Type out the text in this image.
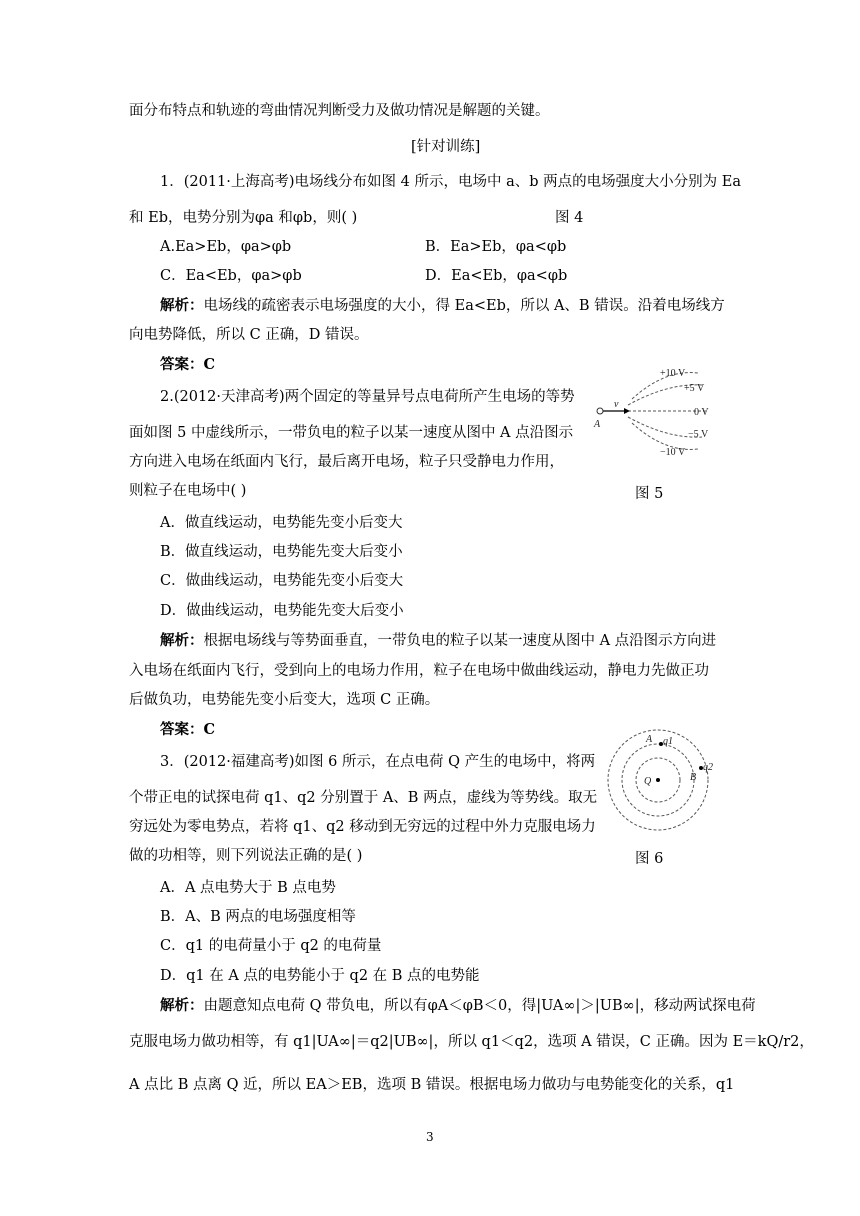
面分布特点和轨迹的弯曲情况判断受力及做功情况是解题的关键。
[针对训练]
1．(2011·上海高考)电场线分布如图 4 所示，电场中 a、b 两点的电场强度大小分别为 Ea
和 Eb，电势分别为φa 和φb，则( )	图 4
A.Ea>Eb，φa>φb	B．Ea>Eb，φa<φb
C．Ea<Eb，φa>φb	D．Ea<Eb，φa<φb
解析：电场线的疏密表示电场强度的大小，得 Ea<Eb，所以 A、B 错误。沿着电场线方
向电势降低，所以 C 正确，D 错误。
答案：C
2.(2012·天津高考)两个固定的等量异号点电荷所产生电场的等势
面如图 5 中虚线所示，一带负电的粒子以某一速度从图中 A 点沿图示
方向进入电场在纸面内飞行，最后离开电场，粒子只受静电力作用，
则粒子在电场中( )	图 5
+10 V
+5 V
0 V
−5 V
−10 V
A
v
A．做直线运动，电势能先变小后变大
B．做直线运动，电势能先变大后变小
C．做曲线运动，电势能先变小后变大
D．做曲线运动，电势能先变大后变小
解析：根据电场线与等势面垂直，一带负电的粒子以某一速度从图中 A 点沿图示方向进
入电场在纸面内飞行，受到向上的电场力作用，粒子在电场中做曲线运动，静电力先做正功
后做负功，电势能先变小后变大，选项 C 正确。
答案：C
3．(2012·福建高考)如图 6 所示，在点电荷 Q 产生的电场中，将两
个带正电的试探电荷 q1、q2 分别置于 A、B 两点，虚线为等势线。取无
穷远处为零电势点，若将 q1、q2 移动到无穷远的过程中外力克服电场力
做的功相等，则下列说法正确的是( )	图 6
A q1
Q	B
q2
A．A 点电势大于 B 点电势
B．A、B 两点的电场强度相等
C．q1 的电荷量小于 q2 的电荷量
D．q1 在 A 点的电势能小于 q2 在 B 点的电势能
解析：由题意知点电荷 Q 带负电，所以有φA＜φB＜0，得|UA∞|＞|UB∞|，移动两试探电荷
克服电场力做功相等，有 q1|UA∞|＝q2|UB∞|，所以 q1＜q2，选项 A 错误，C 正确。因为 E＝kQ/r2，
A 点比 B 点离 Q 近，所以 EA＞EB，选项 B 错误。根据电场力做功与电势能变化的关系，q1
3
